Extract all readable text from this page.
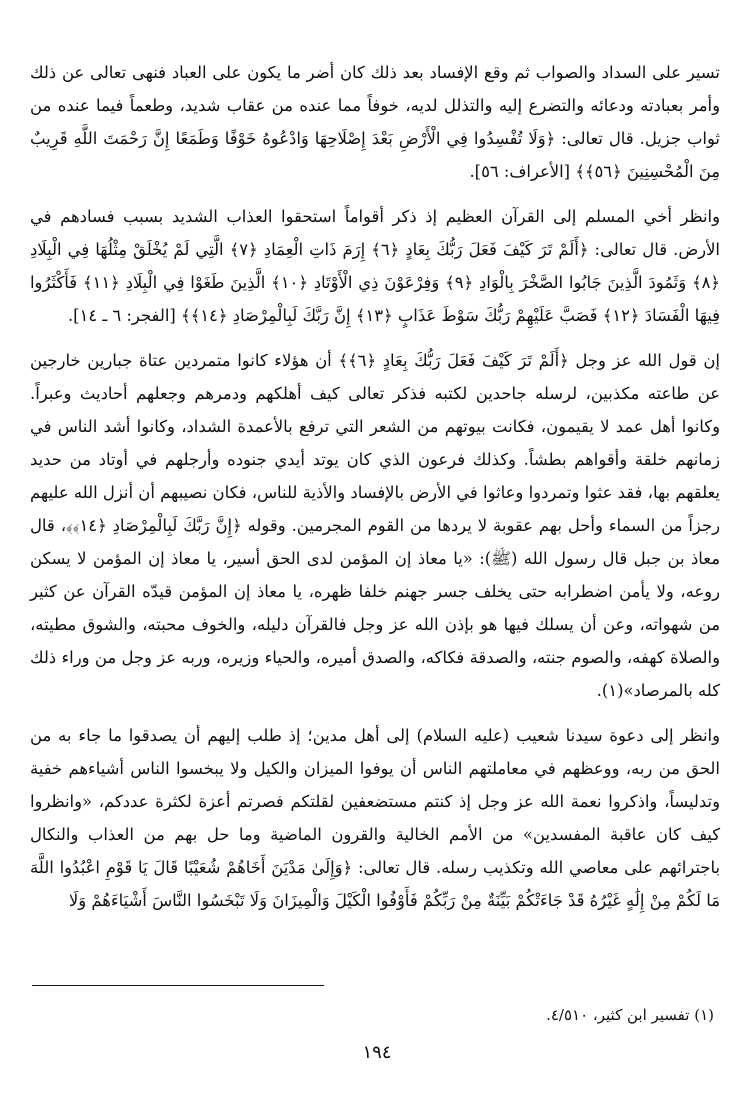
تسير على السداد والصواب ثم وقع الإفساد بعد ذلك كان أضر ما يكون على العباد فنهى تعالى عن ذلك وأمر بعبادته ودعائه والتضرع إليه والتذلل لديه، خوفاً مما عنده من عقاب شديد، وطعماً فيما عنده من ثواب جزيل. قال تعالى: ﴿وَلَا تُفْسِدُوا فِي الْأَرْضِ بَعْدَ إِصْلَاحِهَا وَادْعُوهُ خَوْفًا وَطَمَعًا إِنَّ رَحْمَتَ اللَّهِ قَرِيبٌ مِنَ الْمُحْسِنِينَ ﴿٥٦﴾﴾ [الأعراف: ٥٦].

وانظر أخي المسلم إلى القرآن العظيم إذ ذكر أقواماً استحقوا العذاب الشديد بسبب فسادهم في الأرض. قال تعالى: ﴿أَلَمْ تَرَ كَيْفَ فَعَلَ رَبُّكَ بِعَادٍ ﴿٦﴾ إِرَمَ ذَاتِ الْعِمَادِ ﴿٧﴾ الَّتِي لَمْ يُخْلَقْ مِثْلُهَا فِي الْبِلَادِ ﴿٨﴾ وَثَمُودَ الَّذِينَ جَابُوا الصَّخْرَ بِالْوَادِ ﴿٩﴾ وَفِرْعَوْنَ ذِي الْأَوْتَادِ ﴿١٠﴾ الَّذِينَ طَغَوْا فِي الْبِلَادِ ﴿١١﴾ فَأَكْثَرُوا فِيهَا الْفَسَادَ ﴿١٢﴾ فَصَبَّ عَلَيْهِمْ رَبُّكَ سَوْطَ عَذَابٍ ﴿١٣﴾ إِنَّ رَبَّكَ لَبِالْمِرْصَادِ ﴿١٤﴾﴾ [الفجر: ٦ ـ ١٤].

إن قول الله عز وجل ﴿أَلَمْ تَرَ كَيْفَ فَعَلَ رَبُّكَ بِعَادٍ ﴿٦﴾﴾ أن هؤلاء كانوا متمردين عتاة جبارين خارجين عن طاعته مكذبين، لرسله جاحدين لكتبه فذكر تعالى كيف أهلكهم ودمرهم وجعلهم أحاديث وعبراً. وكانوا أهل عمد لا يقيمون، فكانت بيوتهم من الشعر التي ترفع بالأعمدة الشداد، وكانوا أشد الناس في زمانهم خلقة وأقواهم بطشاً. وكذلك فرعون الذي كان يوتد أيدي جنوده وأرجلهم في أوتاد من حديد يعلقهم بها، فقد عثوا وتمردوا وعاثوا في الأرض بالإفساد والأذية للناس، فكان نصيبهم أن أنزل الله عليهم رجزاً من السماء وأحل بهم عقوبة لا يردها من القوم المجرمين. وقوله ﴿إِنَّ رَبَّكَ لَبِالْمِرْصَادِ ﴿١٤﴾﴾، قال معاذ بن جبل قال رسول الله (ﷺ): «يا معاذ إن المؤمن لدى الحق أسير، يا معاذ إن المؤمن لا يسكن روعه، ولا يأمن اضطرابه حتى يخلف جسر جهنم خلفا ظهره، يا معاذ إن المؤمن قيدّه القرآن عن كثير من شهواته، وعن أن يسلك فيها هو بإذن الله عز وجل فالقرآن دليله، والخوف محبته، والشوق مطيته، والصلاة كهفه، والصوم جنته، والصدقة فكاكه، والصدق أميره، والحياء وزيره، وربه عز وجل من وراء ذلك كله بالمرصاد»(١).

وانظر إلى دعوة سيدنا شعيب (عليه السلام) إلى أهل مدين؛ إذ طلب إليهم أن يصدقوا ما جاء به من الحق من ربه، ووعظهم في معاملتهم الناس أن يوفوا الميزان والكيل ولا يبخسوا الناس أشياءهم خفية وتدليساً، واذكروا نعمة الله عز وجل إذ كنتم مستضعفين لقلتكم فصرتم أعزة لكثرة عددكم، «وانظروا كيف كان عاقبة المفسدين» من الأمم الخالية والقرون الماضية وما حل بهم من العذاب والنكال باجترائهم على معاصي الله وتكذيب رسله. قال تعالى: ﴿وَإِلَىٰ مَدْيَنَ أَخَاهُمْ شُعَيْبًا قَالَ يَا قَوْمِ اعْبُدُوا اللَّهَ مَا لَكُمْ مِنْ إِلَٰهٍ غَيْرُهُ قَدْ جَاءَتْكُمْ بَيِّنَةٌ مِنْ رَبِّكُمْ فَأَوْفُوا الْكَيْلَ وَالْمِيزَانَ وَلَا تَبْخَسُوا النَّاسَ أَشْيَاءَهُمْ وَلَا

(١) تفسير ابن كثير، ٤/٥١٠.
١٩٤
